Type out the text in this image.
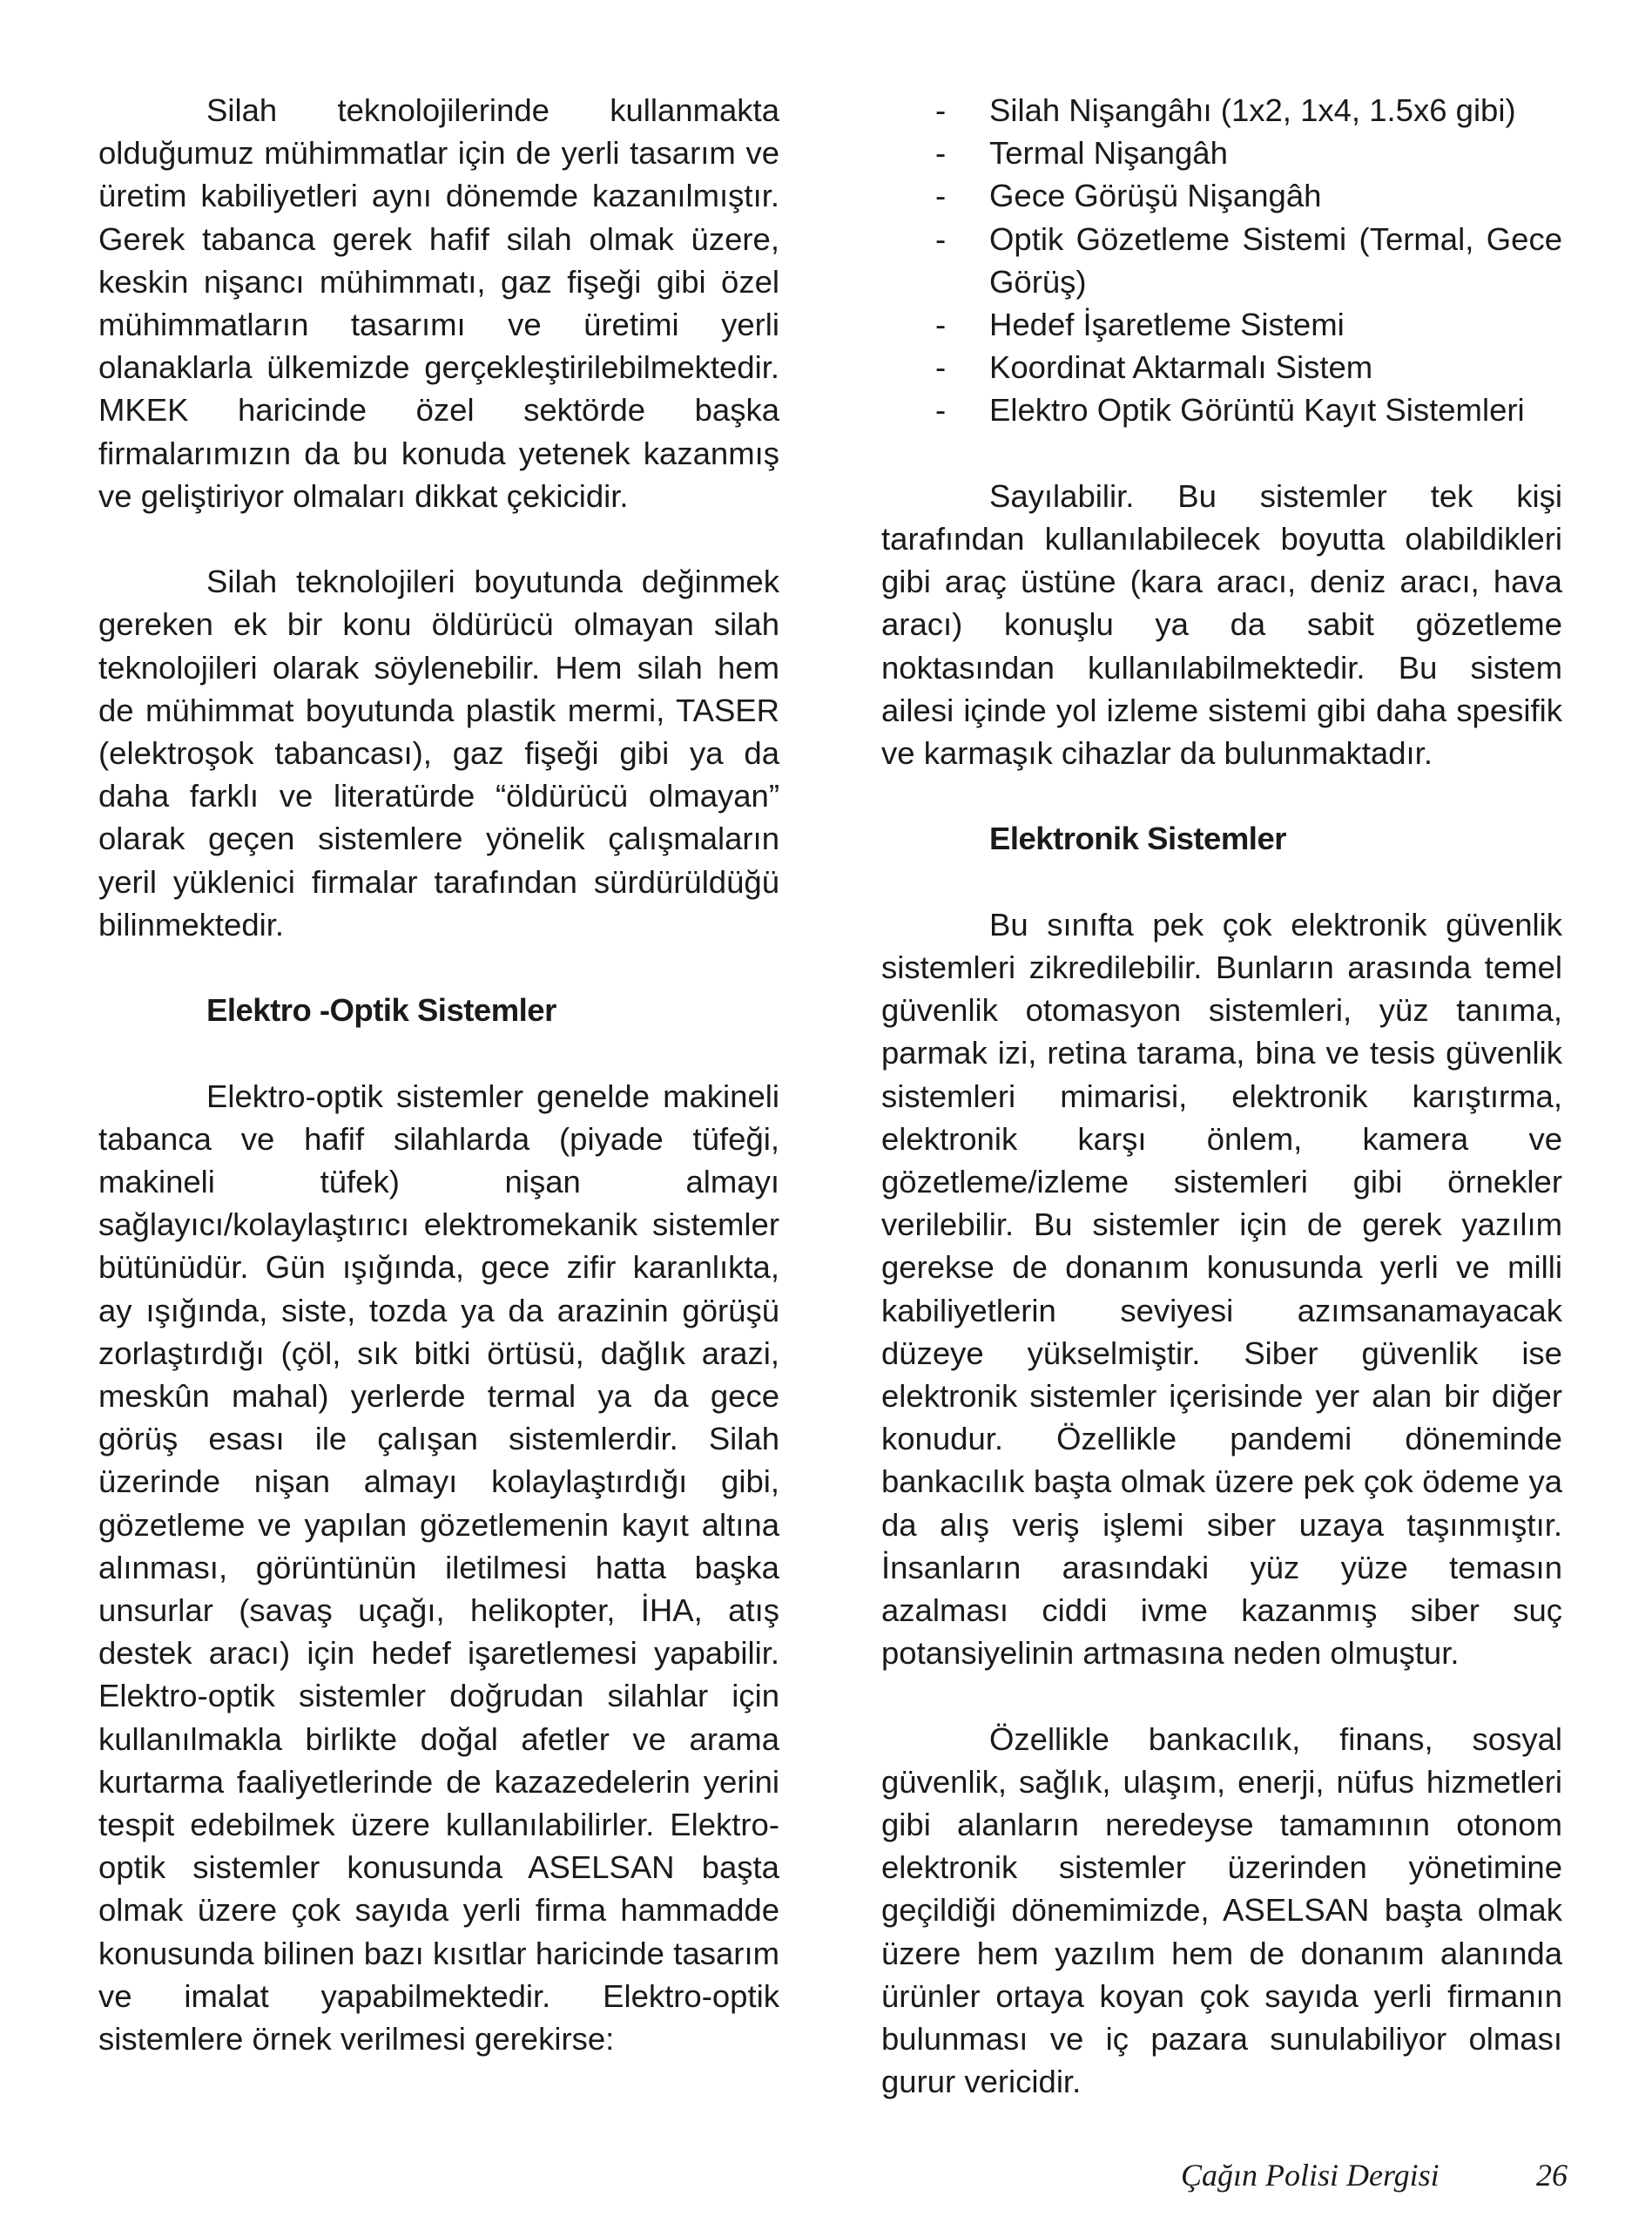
Silah teknolojilerinde kullanmakta olduğumuz mühimmatlar için de yerli tasarım ve üretim kabiliyetleri aynı dönemde kazanılmıştır. Gerek tabanca gerek hafif silah olmak üzere, keskin nişancı mühimmatı, gaz fişeği gibi özel mühimmatların tasarımı ve üretimi yerli olanaklarla ülkemizde gerçekleştirilebilmektedir. MKEK haricinde özel sektörde başka firmalarımızın da bu konuda yetenek kazanmış ve geliştiriyor olmaları dikkat çekicidir.

Silah teknolojileri boyutunda değinmek gereken ek bir konu öldürücü olmayan silah teknolojileri olarak söylenebilir. Hem silah hem de mühimmat boyutunda plastik mermi, TASER (elektroşok tabancası), gaz fişeği gibi ya da daha farklı ve literatürde “öldürücü olmayan” olarak geçen sistemlere yönelik çalışmaların yeril yüklenici firmalar tarafından sürdürüldüğü bilinmektedir.

Elektro -Optik Sistemler

Elektro-optik sistemler genelde makineli tabanca ve hafif silahlarda (piyade tüfeği, makineli tüfek) nişan almayı sağlayıcı/kolaylaştırıcı elektromekanik sistemler bütünüdür. Gün ışığında, gece zifir karanlıkta, ay ışığında, siste, tozda ya da arazinin görüşü zorlaştırdığı (çöl, sık bitki örtüsü, dağlık arazi, meskûn mahal) yerlerde termal ya da gece görüş esası ile çalışan sistemlerdir. Silah üzerinde nişan almayı kolaylaştırdığı gibi, gözetleme ve yapılan gözetlemenin kayıt altına alınması, görüntünün iletilmesi hatta başka unsurlar (savaş uçağı, helikopter, İHA, atış destek aracı) için hedef işaretlemesi yapabilir. Elektro-optik sistemler doğrudan silahlar için kullanılmakla birlikte doğal afetler ve arama kurtarma faaliyetlerinde de kazazedelerin yerini tespit edebilmek üzere kullanılabilirler. Elektro-optik sistemler konusunda ASELSAN başta olmak üzere çok sayıda yerli firma hammadde konusunda bilinen bazı kısıtlar haricinde tasarım ve imalat yapabilmektedir. Elektro-optik sistemlere örnek verilmesi gerekirse:

- Silah Nişangâhı (1x2, 1x4, 1.5x6 gibi)
- Termal Nişangâh
- Gece Görüşü Nişangâh
- Optik Gözetleme Sistemi (Termal, Gece Görüş)
- Hedef İşaretleme Sistemi
- Koordinat Aktarmalı Sistem
- Elektro Optik Görüntü Kayıt Sistemleri

Sayılabilir. Bu sistemler tek kişi tarafından kullanılabilecek boyutta olabildikleri gibi araç üstüne (kara aracı, deniz aracı, hava aracı) konuşlu ya da sabit gözetleme noktasından kullanılabilmektedir. Bu sistem ailesi içinde yol izleme sistemi gibi daha spesifik ve karmaşık cihazlar da bulunmaktadır.

Elektronik Sistemler

Bu sınıfta pek çok elektronik güvenlik sistemleri zikredilebilir. Bunların arasında temel güvenlik otomasyon sistemleri, yüz tanıma, parmak izi, retina tarama, bina ve tesis güvenlik sistemleri mimarisi, elektronik karıştırma, elektronik karşı önlem, kamera ve gözetleme/izleme sistemleri gibi örnekler verilebilir. Bu sistemler için de gerek yazılım gerekse de donanım konusunda yerli ve milli kabiliyetlerin seviyesi azımsanamayacak düzeye yükselmiştir. Siber güvenlik ise elektronik sistemler içerisinde yer alan bir diğer konudur. Özellikle pandemi döneminde bankacılık başta olmak üzere pek çok ödeme ya da alış veriş işlemi siber uzaya taşınmıştır. İnsanların arasındaki yüz yüze temasın azalması ciddi ivme kazanmış siber suç potansiyelinin artmasına neden olmuştur.

Özellikle bankacılık, finans, sosyal güvenlik, sağlık, ulaşım, enerji, nüfus hizmetleri gibi alanların neredeyse tamamının otonom elektronik sistemler üzerinden yönetimine geçildiği dönemimizde, ASELSAN başta olmak üzere hem yazılım hem de donanım alanında ürünler ortaya koyan çok sayıda yerli firmanın bulunması ve iç pazara sunulabiliyor olması gurur vericidir.

Çağın Polisi Dergisi	26
